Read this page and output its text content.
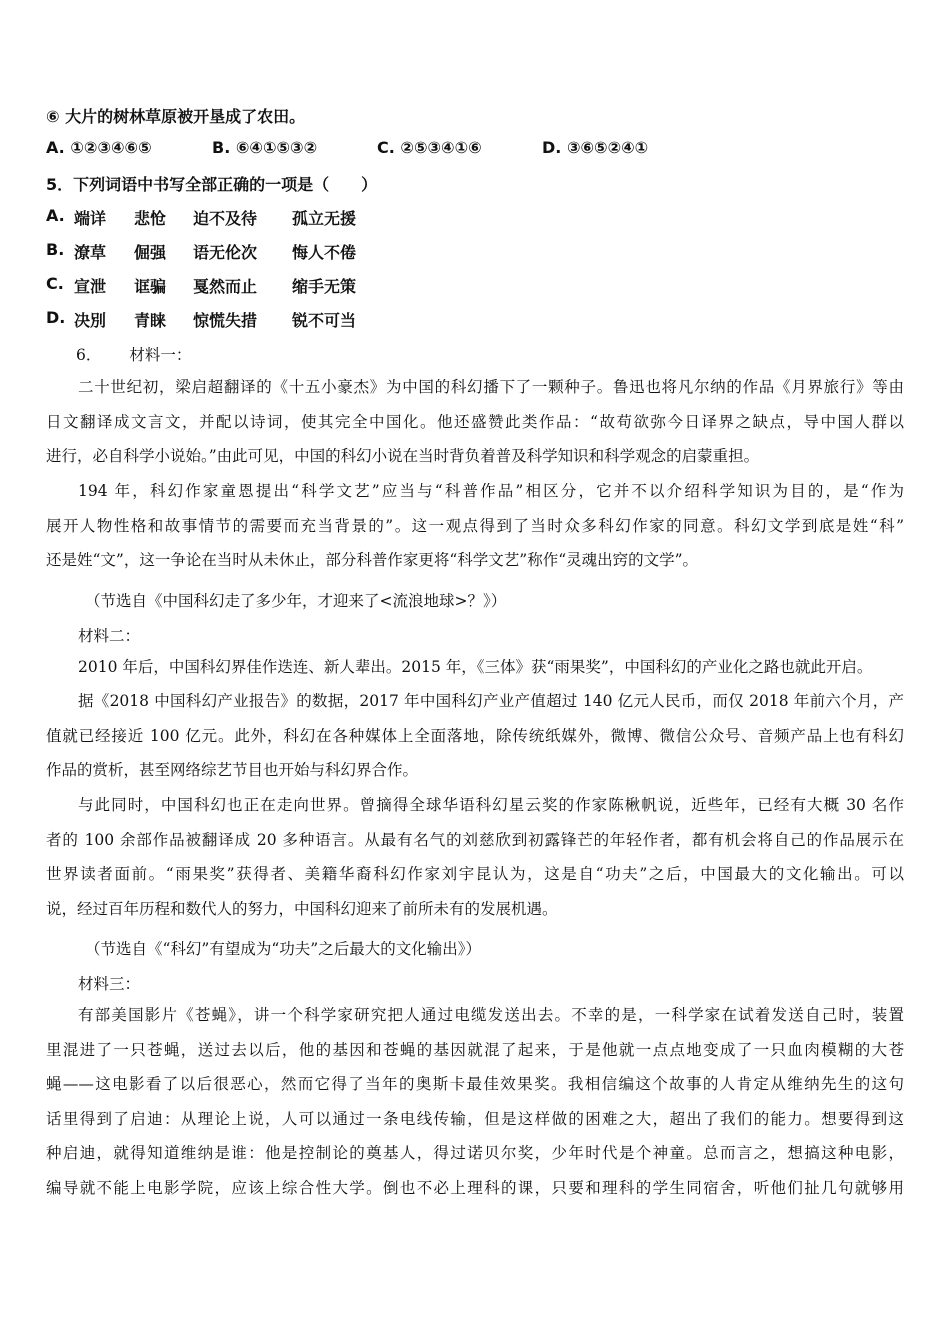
⑥ 大片的树林草原被开垦成了农田。
A. ①②③④⑥⑤	B. ⑥④①⑤③②	C. ②⑤③④①⑥	D. ③⑥⑤②④①
5．下列词语中书写全部正确的一项是（　　）
A. 端详 悲怆 迫不及待 孤立无援
B. 潦草 倔强 语无伦次 悔人不倦
C. 宣泄 诓骗 戛然而止 缩手无策
D. 决別 青睐 惊慌失措 锐不可当
6． 材料一：
二十世纪初，梁启超翻译的《十五小豪杰》为中国的科幻播下了一颗种子。鲁迅也将凡尔纳的作品《月界旅行》等由
日文翻译成文言文，并配以诗词，使其完全中国化。他还盛赞此类作品：“故苟欲弥今日译界之缺点，导中国人群以
进行，必自科学小说始。”由此可见，中国的科幻小说在当时背负着普及科学知识和科学观念的启蒙重担。
194 年，科幻作家童恩提出“科学文艺”应当与“科普作品”相区分，它并不以介绍科学知识为目的，是“作为
展开人物性格和故事情节的需要而充当背景的”。这一观点得到了当时众多科幻作家的同意。科幻文学到底是姓“科”
还是姓“文”，这一争论在当时从未休止，部分科普作家更将“科学文艺”称作“灵魂出窍的文学”。
（节选自《中国科幻走了多少年，才迎来了<流浪地球>？》）
材料二：
2010 年后，中国科幻界佳作迭连、新人辈出。2015 年，《三体》获“雨果奖”，中国科幻的产业化之路也就此开启。
据《2018 中国科幻产业报告》的数据，2017 年中国科幻产业产值超过 140 亿元人民币，而仅 2018 年前六个月，产
值就已经接近 100 亿元。此外，科幻在各种媒体上全面落地，除传统纸媒外，微博、微信公众号、音频产品上也有科幻
作品的赏析，甚至网络综艺节目也开始与科幻界合作。
与此同时，中国科幻也正在走向世界。曾摘得全球华语科幻星云奖的作家陈楸帆说，近些年，已经有大概 30 名作
者的 100 余部作品被翻译成 20 多种语言。从最有名气的刘慈欣到初露锋芒的年轻作者，都有机会将自己的作品展示在
世界读者面前。“雨果奖”获得者、美籍华裔科幻作家刘宇昆认为，这是自“功夫”之后，中国最大的文化输出。可以
说，经过百年历程和数代人的努力，中国科幻迎来了前所未有的发展机遇。
（节选自《“科幻”有望成为“功夫”之后最大的文化输出》）
材料三：
有部美国影片《苍蝇》，讲一个科学家研究把人通过电缆发送出去。不幸的是，一科学家在试着发送自己时，装置
里混进了一只苍蝇，送过去以后，他的基因和苍蝇的基因就混了起来，于是他就一点点地变成了一只血肉模糊的大苍
蝇——这电影看了以后很恶心，然而它得了当年的奥斯卡最佳效果奖。我相信编这个故事的人肯定从维纳先生的这句
话里得到了启迪：从理论上说，人可以通过一条电线传输，但是这样做的困难之大，超出了我们的能力。想要得到这
种启迪，就得知道维纳是谁：他是控制论的奠基人，得过诺贝尔奖，少年时代是个神童。总而言之，想搞这种电影，
编导就不能上电影学院，应该上综合性大学。倒也不必上理科的课，只要和理科的学生同宿舍，听他们扯几句就够用
